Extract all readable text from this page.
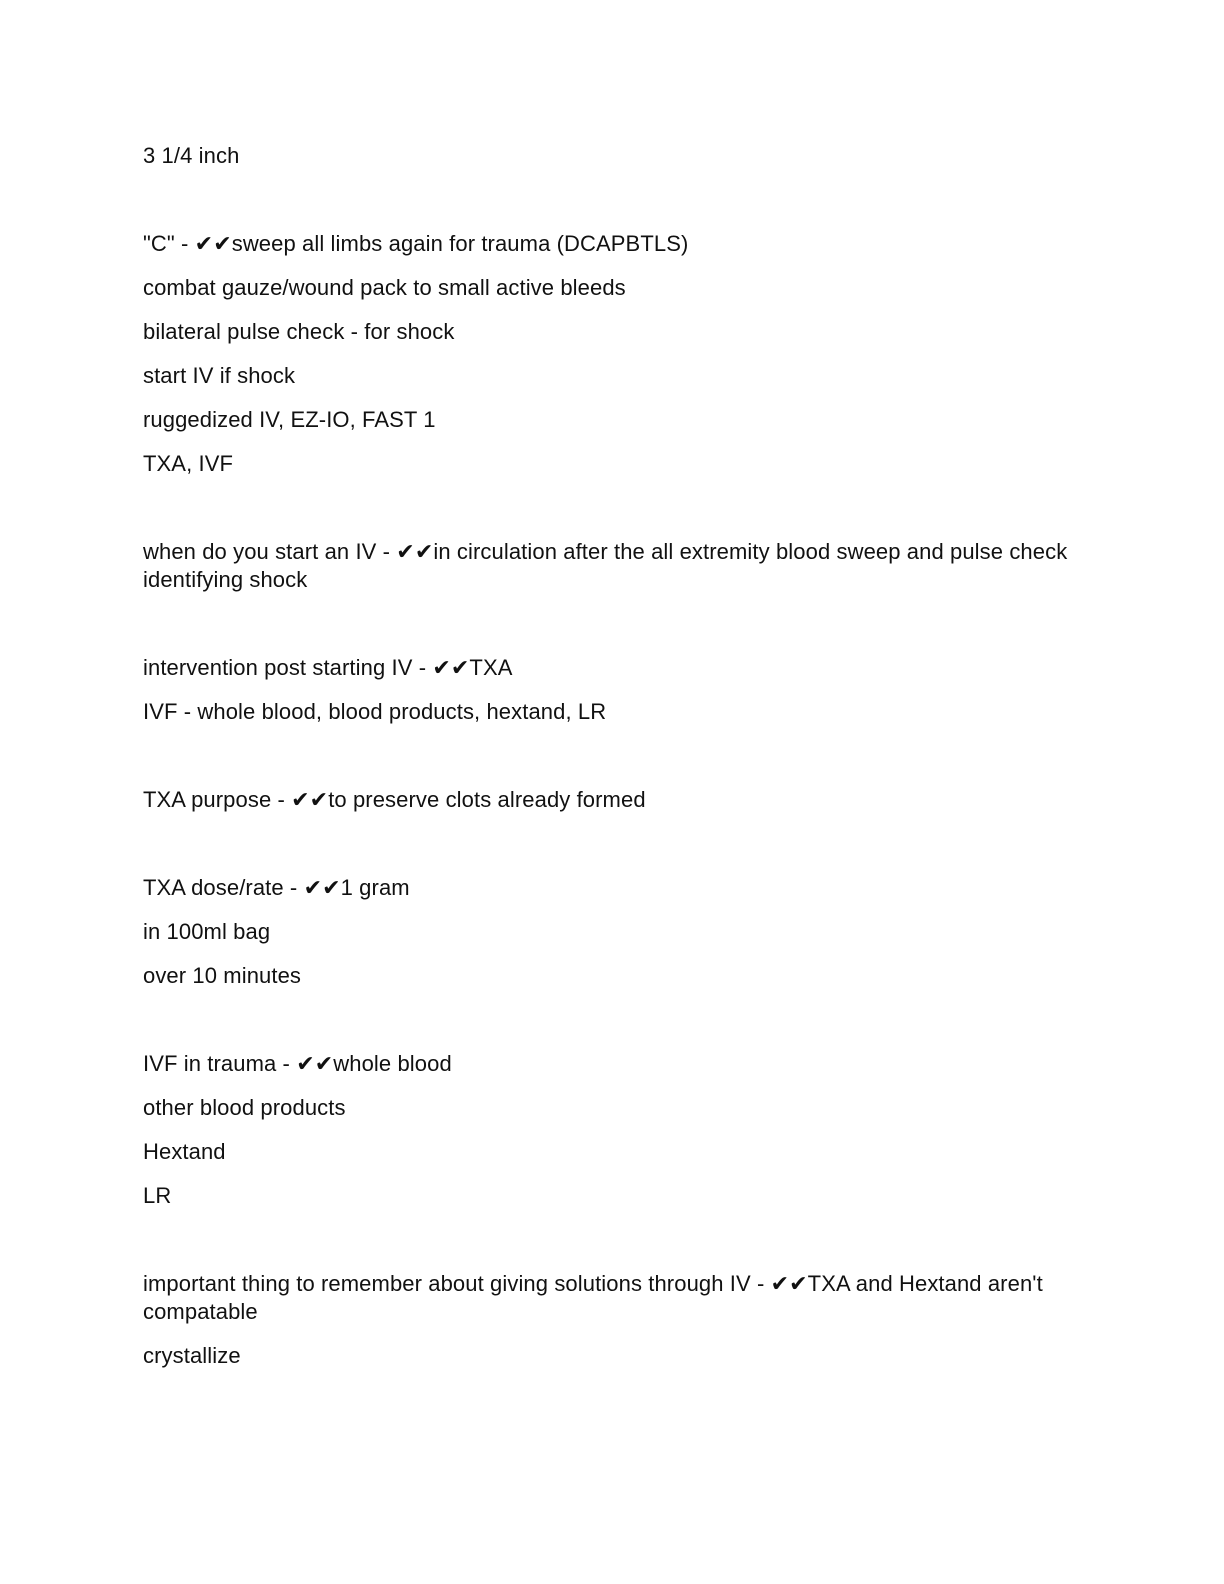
3 1/4 inch

"C" - ✔✔sweep all limbs again for trauma (DCAPBTLS)

combat gauze/wound pack to small active bleeds

bilateral pulse check - for shock

start IV if shock

ruggedized IV, EZ-IO, FAST 1

TXA, IVF

when do you start an IV - ✔✔in circulation after the all extremity blood sweep and pulse check identifying shock

intervention post starting IV - ✔✔TXA

IVF - whole blood, blood products, hextand, LR

TXA purpose - ✔✔to preserve clots already formed

TXA dose/rate - ✔✔1 gram

in 100ml bag

over 10 minutes

IVF in trauma - ✔✔whole blood

other blood products

Hextand

LR

important thing to remember about giving solutions through IV - ✔✔TXA and Hextand aren't compatable

crystallize
